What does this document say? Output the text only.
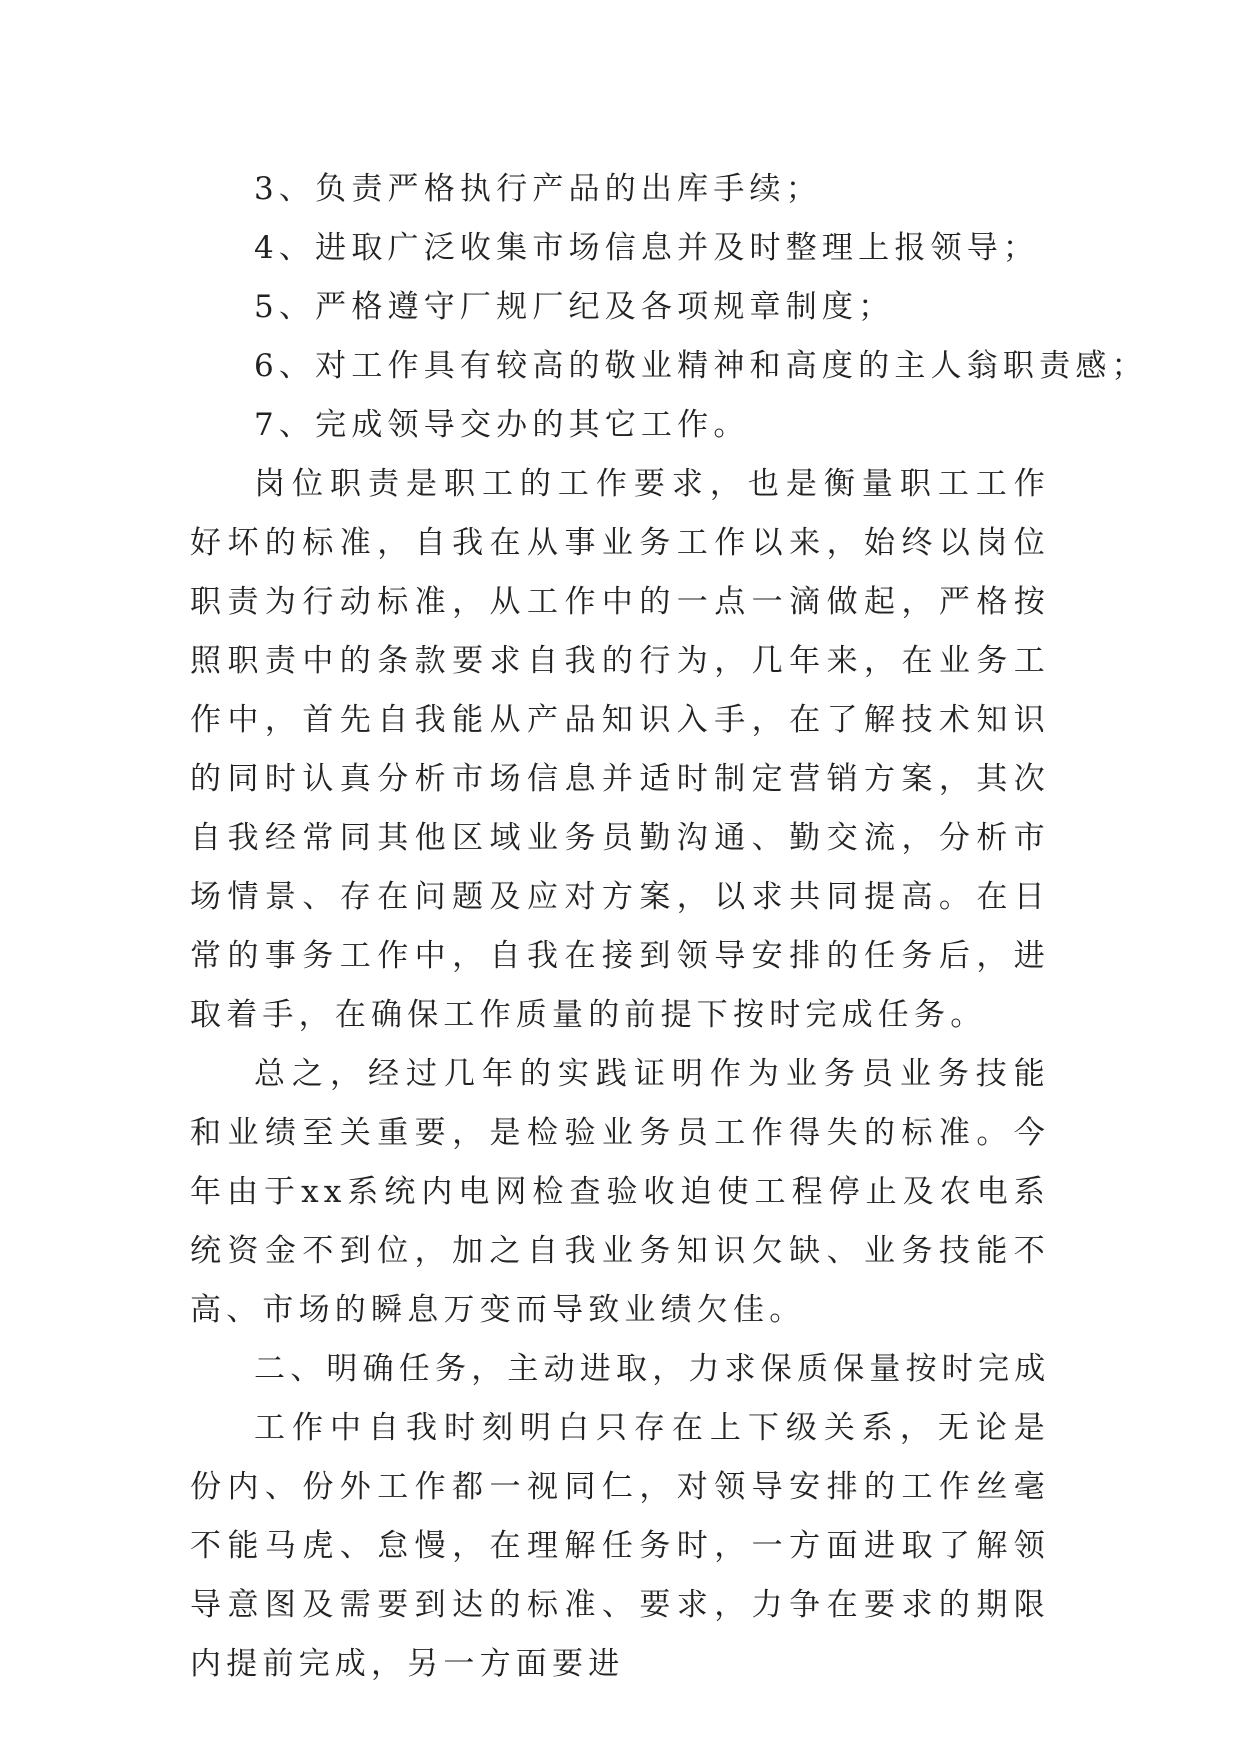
3、负责严格执行产品的出库手续；

4、进取广泛收集市场信息并及时整理上报领导；

5、严格遵守厂规厂纪及各项规章制度；

6、对工作具有较高的敬业精神和高度的主人翁职责感；

7、完成领导交办的其它工作。

岗位职责是职工的工作要求，也是衡量职工工作好坏的标准，自我在从事业务工作以来，始终以岗位职责为行动标准，从工作中的一点一滴做起，严格按照职责中的条款要求自我的行为，几年来，在业务工作中，首先自我能从产品知识入手，在了解技术知识的同时认真分析市场信息并适时制定营销方案，其次自我经常同其他区域业务员勤沟通、勤交流，分析市场情景、存在问题及应对方案，以求共同提高。在日常的事务工作中，自我在接到领导安排的任务后，进取着手，在确保工作质量的前提下按时完成任务。

总之，经过几年的实践证明作为业务员业务技能和业绩至关重要，是检验业务员工作得失的标准。今年由于xx系统内电网检查验收迫使工程停止及农电系统资金不到位，加之自我业务知识欠缺、业务技能不高、市场的瞬息万变而导致业绩欠佳。

二、明确任务，主动进取，力求保质保量按时完成

工作中自我时刻明白只存在上下级关系，无论是份内、份外工作都一视同仁，对领导安排的工作丝毫不能马虎、怠慢，在理解任务时，一方面进取了解领导意图及需要到达的标准、要求，力争在要求的期限内提前完成，另一方面要进
